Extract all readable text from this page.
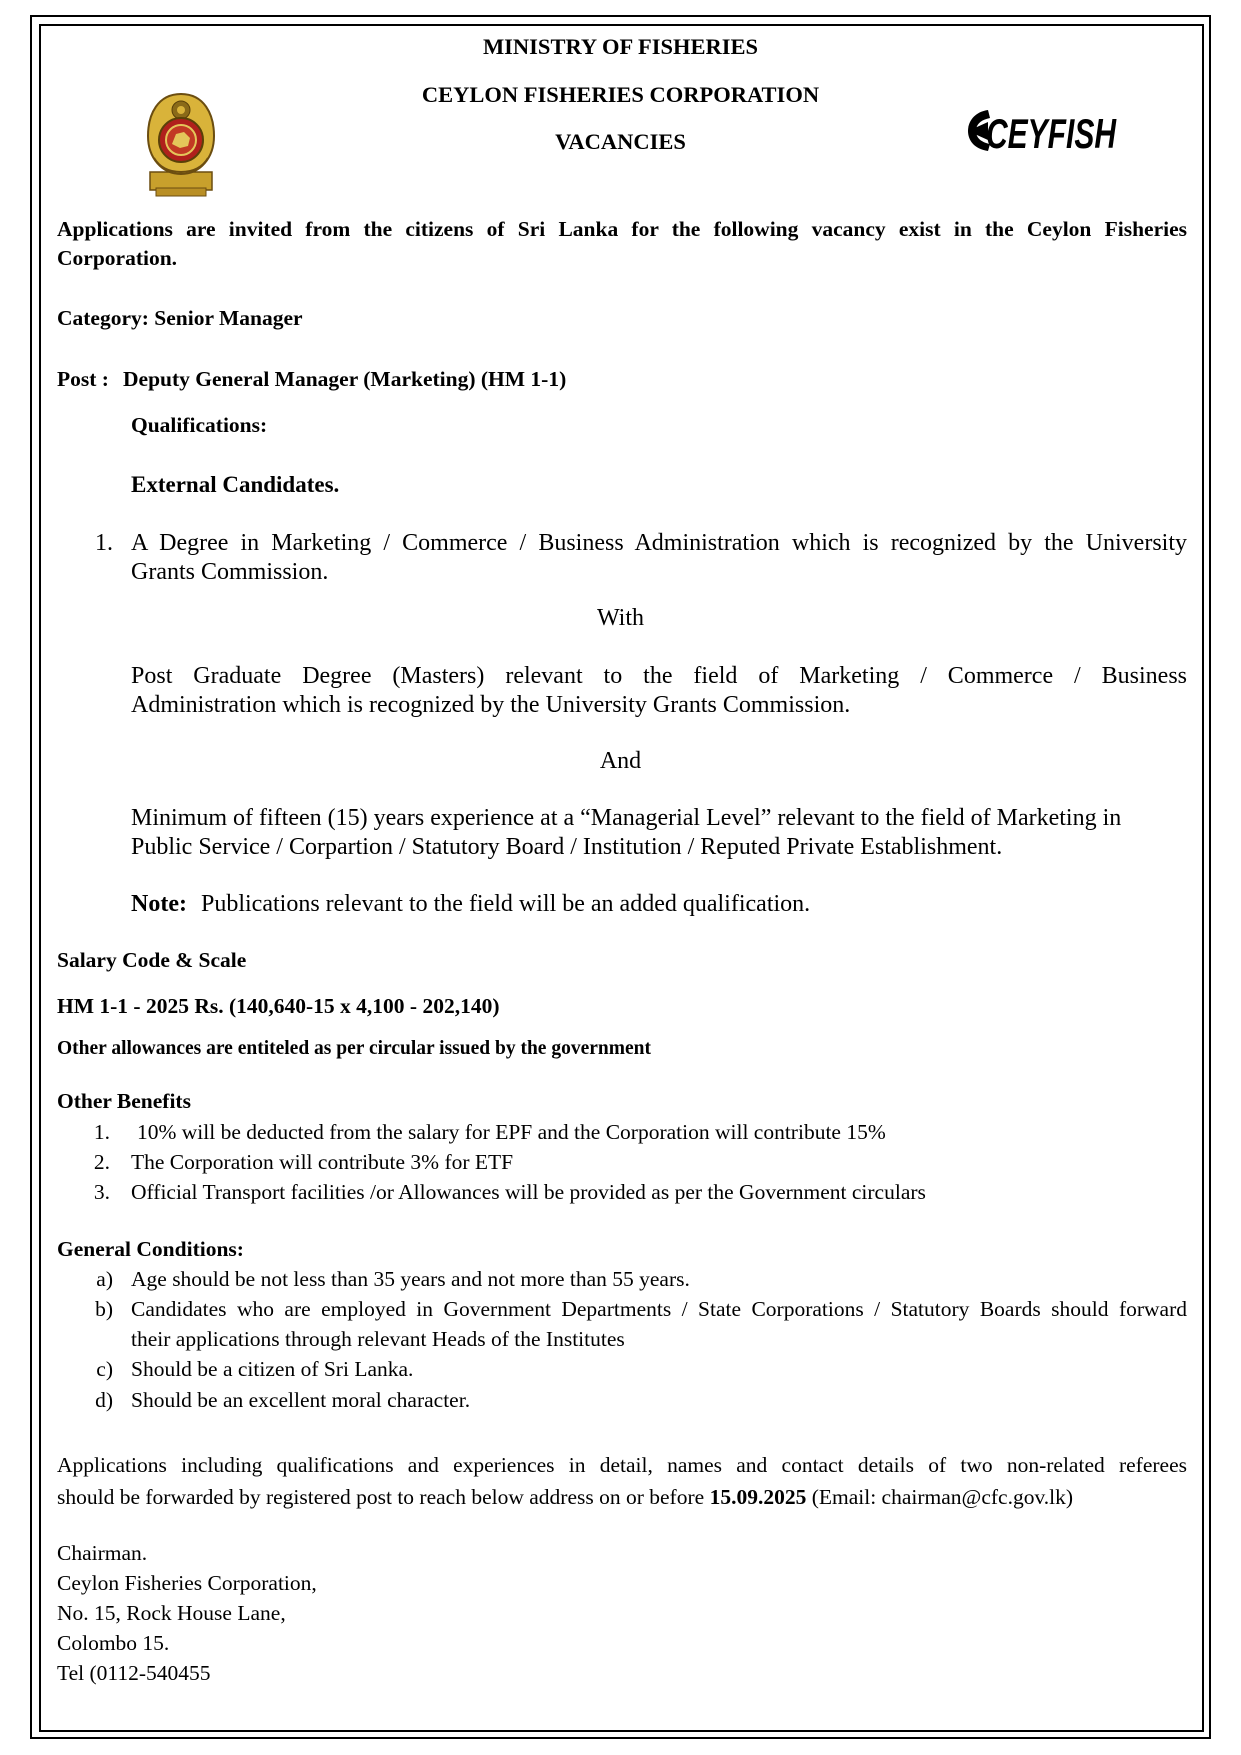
CEYFISH
MINISTRY OF FISHERIES
CEYLON FISHERIES CORPORATION
VACANCIES
Applications are invited from the citizens of Sri Lanka for the following vacancy exist in the Ceylon Fisheries
Corporation.
Category: Senior Manager
Post : Deputy General Manager (Marketing) (HM 1-1)
Qualifications:
External Candidates.
1. A Degree in Marketing / Commerce / Business Administration which is recognized by the University
Grants Commission.
With
Post Graduate Degree (Masters) relevant to the field of Marketing / Commerce / Business
Administration which is recognized by the University Grants Commission.
And
Minimum of fifteen (15) years experience at a “Managerial Level” relevant to the field of Marketing in
Public Service / Corpartion / Statutory Board / Institution / Reputed Private Establishment.
Note: Publications relevant to the field will be an added qualification.
Salary Code & Scale
HM 1-1 - 2025 Rs. (140,640-15 x 4,100 - 202,140)
Other allowances are entiteled as per circular issued by the government
Other Benefits
1. 10% will be deducted from the salary for EPF and the Corporation will contribute 15%
2. The Corporation will contribute 3% for ETF
3. Official Transport facilities /or Allowances will be provided as per the Government circulars
General Conditions:
a) Age should be not less than 35 years and not more than 55 years.
b) Candidates who are employed in Government Departments / State Corporations / Statutory Boards should forward
their applications through relevant Heads of the Institutes
c) Should be a citizen of Sri Lanka.
d) Should be an excellent moral character.
Applications including qualifications and experiences in detail, names and contact details of two non-related referees
should be forwarded by registered post to reach below address on or before 15.09.2025 (Email: chairman@cfc.gov.lk)
Chairman.
Ceylon Fisheries Corporation,
No. 15, Rock House Lane,
Colombo 15.
Tel (0112-540455
